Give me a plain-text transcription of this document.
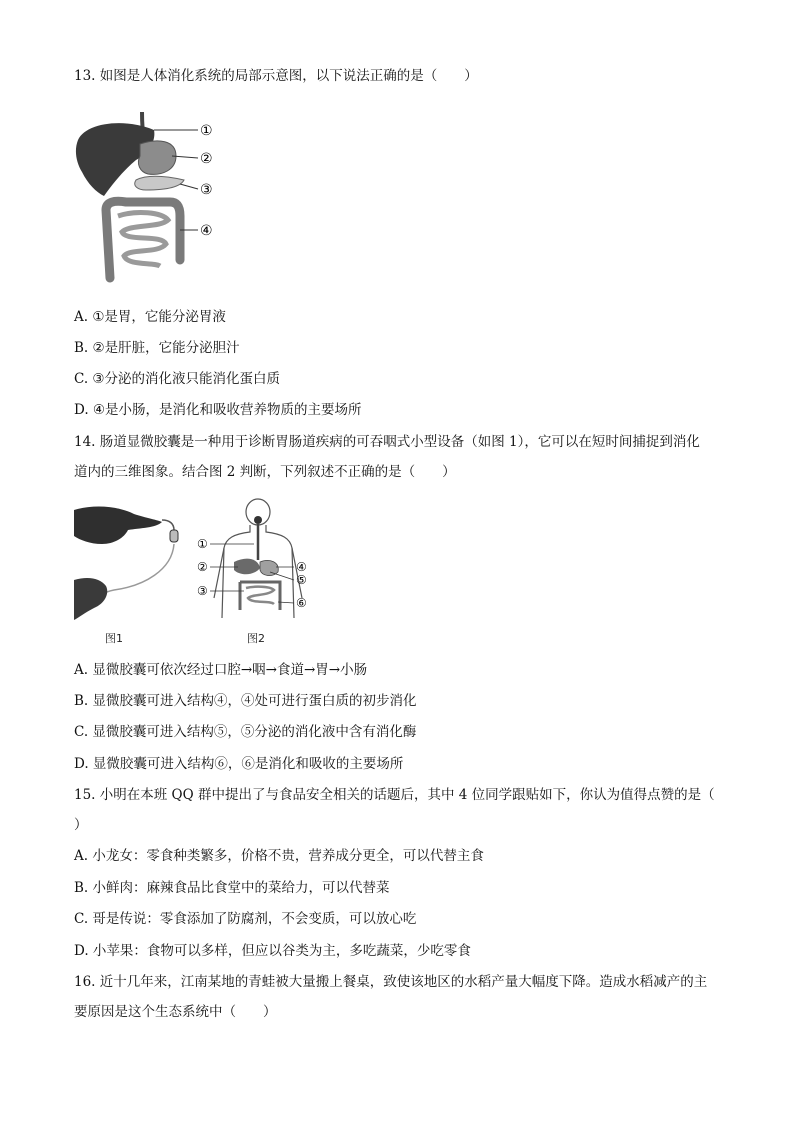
13. 如图是人体消化系统的局部示意图，以下说法正确的是（　　）
①
②
③
④
A. ①是胃，它能分泌胃液
B. ②是肝脏，它能分泌胆汁
C. ③分泌的消化液只能消化蛋白质
D. ④是小肠，是消化和吸收营养物质的主要场所
14. 肠道显微胶囊是一种用于诊断胃肠道疾病的可吞咽式小型设备（如图 1），它可以在短时间捕捉到消化
道内的三维图象。结合图 2 判断，下列叙述不正确的是（　　）
图1
①
②
③
④
⑤
⑥
图2
A. 显微胶囊可依次经过口腔→咽→食道→胃→小肠
B. 显微胶囊可进入结构④，④处可进行蛋白质的初步消化
C. 显微胶囊可进入结构⑤，⑤分泌的消化液中含有消化酶
D. 显微胶囊可进入结构⑥，⑥是消化和吸收的主要场所
15. 小明在本班 QQ 群中提出了与食品安全相关的话题后，其中 4 位同学跟贴如下，你认为值得点赞的是（
）
A. 小龙女：零食种类繁多，价格不贵，营养成分更全，可以代替主食
B. 小鲜肉：麻辣食品比食堂中的菜给力，可以代替菜
C. 哥是传说：零食添加了防腐剂，不会变质，可以放心吃
D. 小苹果：食物可以多样，但应以谷类为主，多吃蔬菜，少吃零食
16. 近十几年来，江南某地的青蛙被大量搬上餐桌，致使该地区的水稻产量大幅度下降。造成水稻减产的主
要原因是这个生态系统中（　　）
